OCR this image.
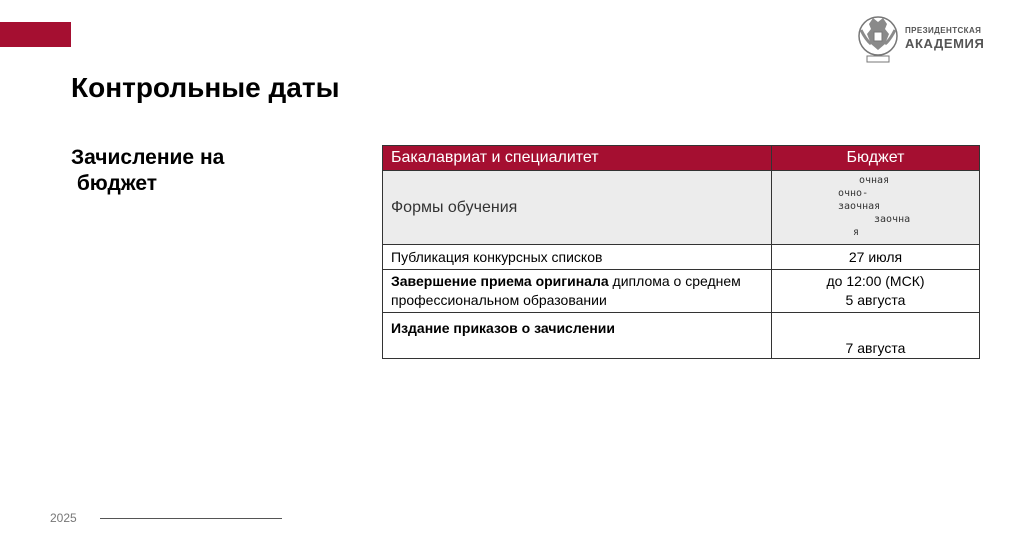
ПРЕЗИДЕНТСКАЯ
АКАДЕМИЯ
Контрольные даты
Зачисление на
бюджет
Бакалавриат и специалитет	Бюджет
Формы обучения	очная
очно-
заочная
заочна
я

Публикация конкурсных списков	27 июля
Завершение приема оригинала диплома о среднем профессиональном образовании	до 12:00 (МСК)
5 августа

Издание приказов о зачислении	7 августа
2025
